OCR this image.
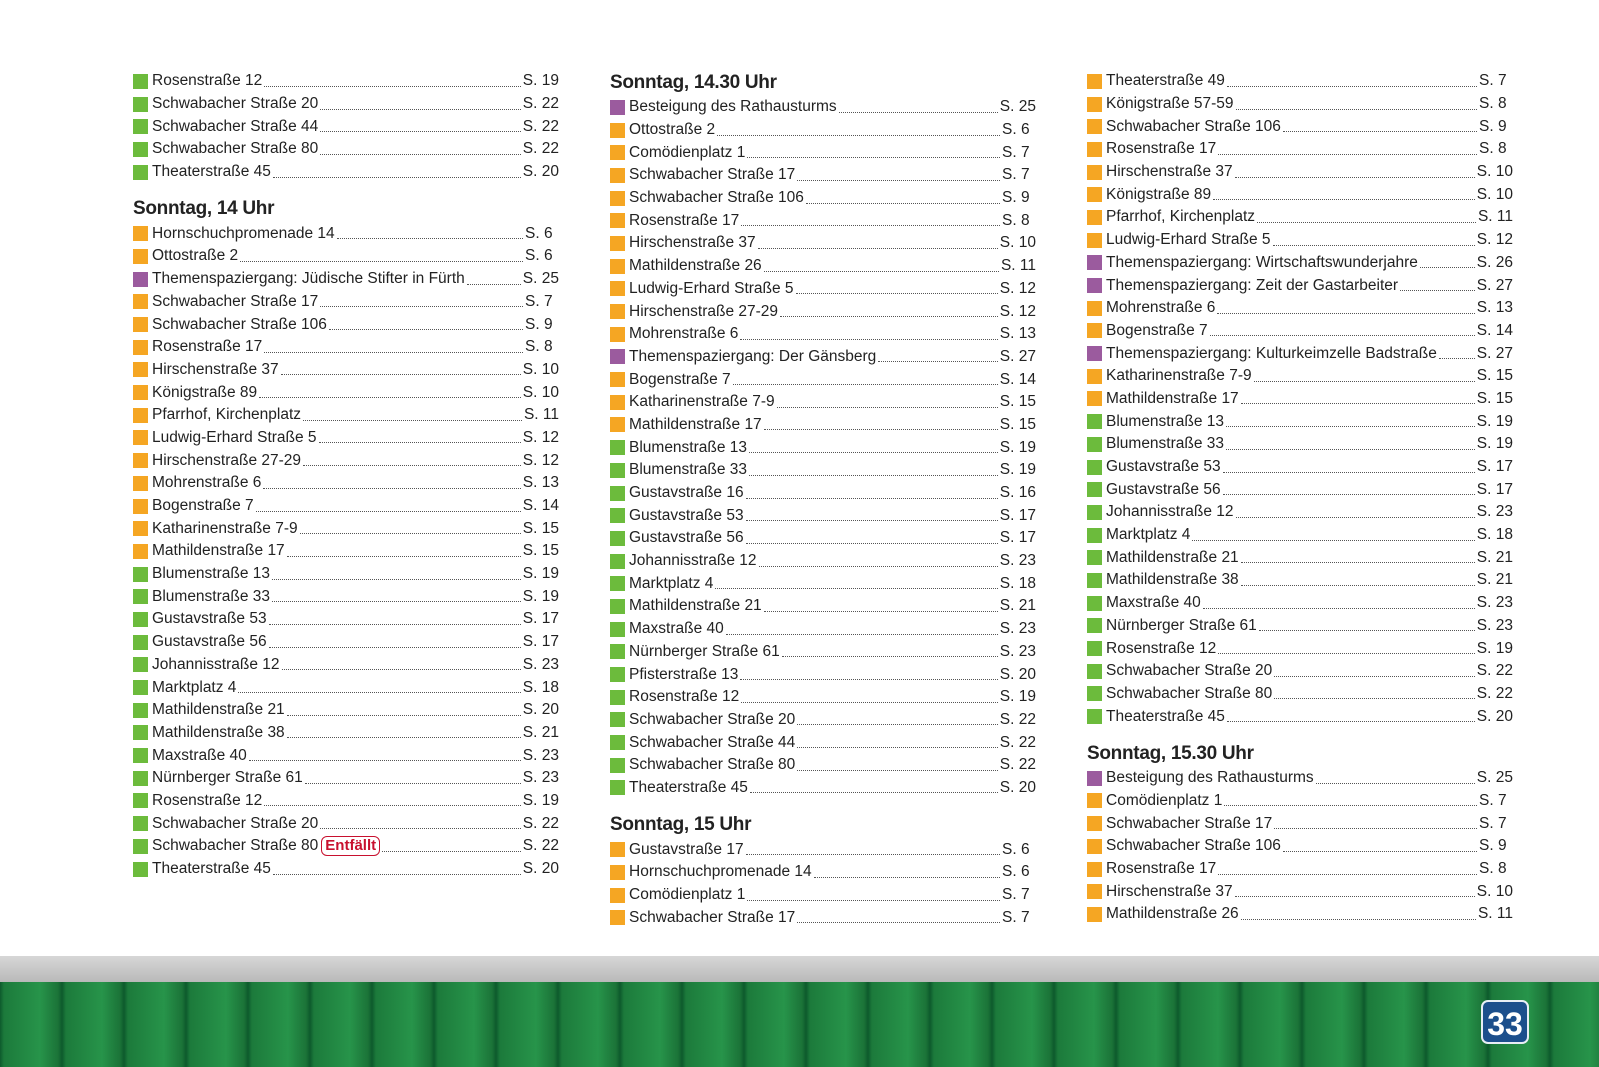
Rosenstraße 12	S. 19
Schwabacher Straße 20	S. 22
Schwabacher Straße 44	S. 22
Schwabacher Straße 80	S. 22
Theaterstraße 45	S. 20
Sonntag, 14 Uhr
Hornschuchpromenade 14	S. 6
Ottostraße 2	S. 6
Themenspaziergang: Jüdische Stifter in Fürth	S. 25
Schwabacher Straße 17	S. 7
Schwabacher Straße 106	S. 9
Rosenstraße 17	S. 8
Hirschenstraße 37	S. 10
Königstraße 89	S. 10
Pfarrhof, Kirchenplatz	S. 11
Ludwig-Erhard Straße 5	S. 12
Hirschenstraße 27-29	S. 12
Mohrenstraße 6	S. 13
Bogenstraße 7	S. 14
Katharinenstraße 7-9	S. 15
Mathildenstraße 17	S. 15
Blumenstraße 13	S. 19
Blumenstraße 33	S. 19
Gustavstraße 53	S. 17
Gustavstraße 56	S. 17
Johannisstraße 12	S. 23
Marktplatz 4	S. 18
Mathildenstraße 21	S. 20
Mathildenstraße 38	S. 21
Maxstraße 40	S. 23
Nürnberger Straße 61	S. 23
Rosenstraße 12	S. 19
Schwabacher Straße 20	S. 22
Schwabacher Straße 80 Entfällt	S. 22
Theaterstraße 45	S. 20
Sonntag, 14.30 Uhr
Besteigung des Rathausturms	S. 25
Ottostraße 2	S. 6
Comödienplatz 1	S. 7
Schwabacher Straße 17	S. 7
Schwabacher Straße 106	S. 9
Rosenstraße 17	S. 8
Hirschenstraße 37	S. 10
Mathildenstraße 26	S. 11
Ludwig-Erhard Straße 5	S. 12
Hirschenstraße 27-29	S. 12
Mohrenstraße 6	S. 13
Themenspaziergang: Der Gänsberg	S. 27
Bogenstraße 7	S. 14
Katharinenstraße 7-9	S. 15
Mathildenstraße 17	S. 15
Blumenstraße 13	S. 19
Blumenstraße 33	S. 19
Gustavstraße 16	S. 16
Gustavstraße 53	S. 17
Gustavstraße 56	S. 17
Johannisstraße 12	S. 23
Marktplatz 4	S. 18
Mathildenstraße 21	S. 21
Maxstraße 40	S. 23
Nürnberger Straße 61	S. 23
Pfisterstraße 13	S. 20
Rosenstraße 12	S. 19
Schwabacher Straße 20	S. 22
Schwabacher Straße 44	S. 22
Schwabacher Straße 80	S. 22
Theaterstraße 45	S. 20
Sonntag, 15 Uhr
Gustavstraße 17	S. 6
Hornschuchpromenade 14	S. 6
Comödienplatz 1	S. 7
Schwabacher Straße 17	S. 7
Theaterstraße 49	S. 7
Königstraße 57-59	S. 8
Schwabacher Straße 106	S. 9
Rosenstraße 17	S. 8
Hirschenstraße 37	S. 10
Königstraße 89	S. 10
Pfarrhof, Kirchenplatz	S. 11
Ludwig-Erhard Straße 5	S. 12
Themenspaziergang: Wirtschaftswunderjahre	S. 26
Themenspaziergang: Zeit der Gastarbeiter	S. 27
Mohrenstraße 6	S. 13
Bogenstraße 7	S. 14
Themenspaziergang: Kulturkeimzelle Badstraße	S. 27
Katharinenstraße 7-9	S. 15
Mathildenstraße 17	S. 15
Blumenstraße 13	S. 19
Blumenstraße 33	S. 19
Gustavstraße 53	S. 17
Gustavstraße 56	S. 17
Johannisstraße 12	S. 23
Marktplatz 4	S. 18
Mathildenstraße 21	S. 21
Mathildenstraße 38	S. 21
Maxstraße 40	S. 23
Nürnberger Straße 61	S. 23
Rosenstraße 12	S. 19
Schwabacher Straße 20	S. 22
Schwabacher Straße 80	S. 22
Theaterstraße 45	S. 20
Sonntag, 15.30 Uhr
Besteigung des Rathausturms	S. 25
Comödienplatz 1	S. 7
Schwabacher Straße 17	S. 7
Schwabacher Straße 106	S. 9
Rosenstraße 17	S. 8
Hirschenstraße 37	S. 10
Mathildenstraße 26	S. 11
33
